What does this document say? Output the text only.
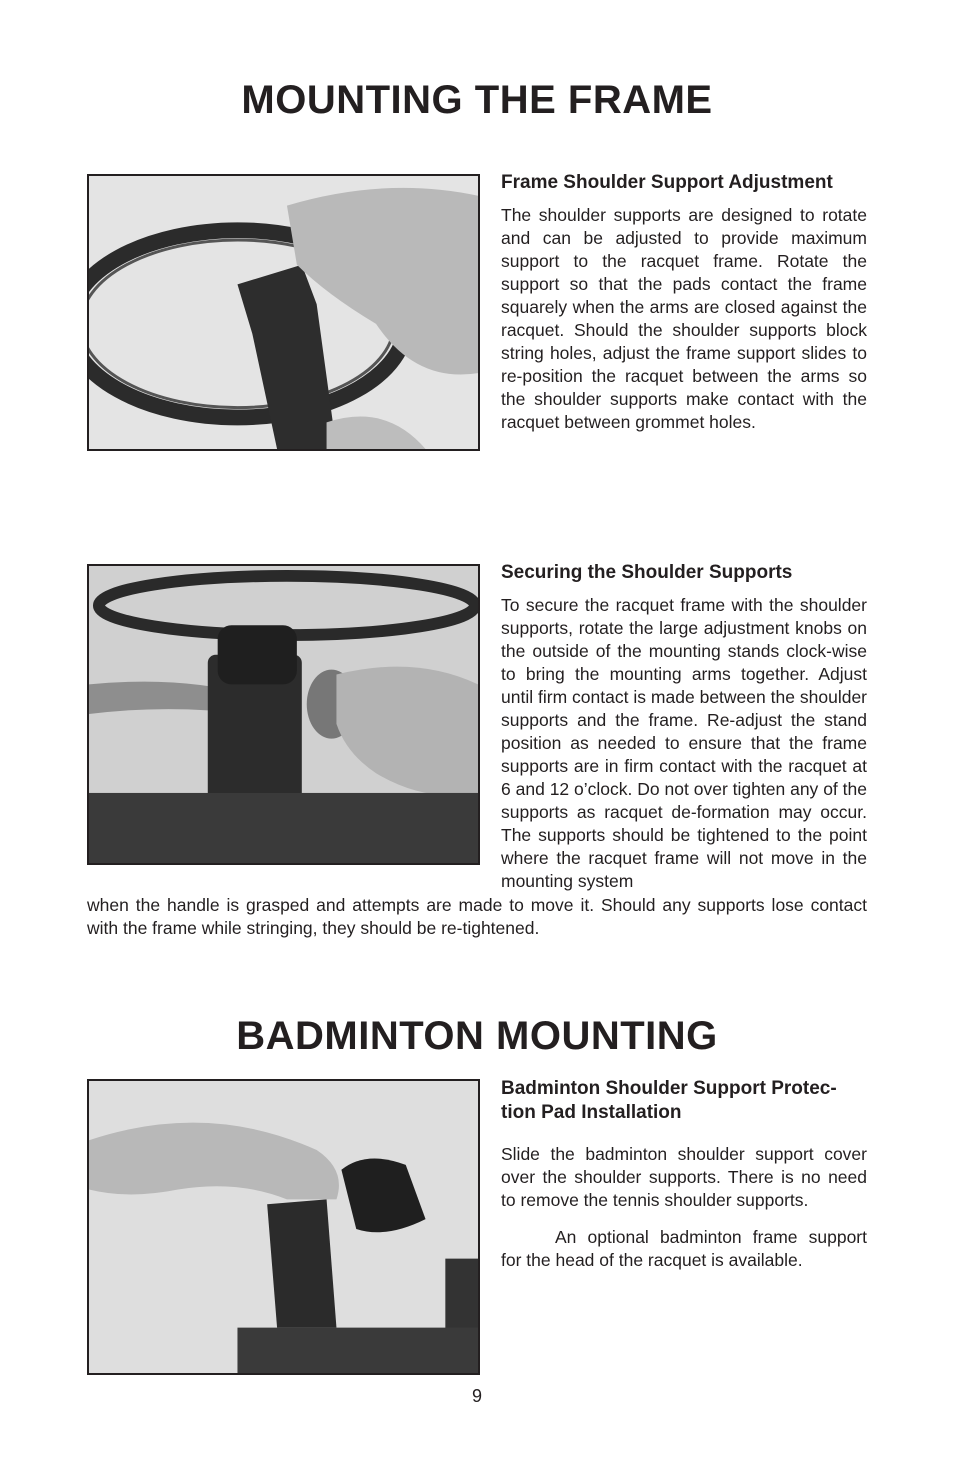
MOUNTING THE FRAME
Frame Shoulder Support Adjustment

The shoulder supports are designed to rotate and can be adjusted to provide maximum support to the racquet frame. Rotate the support so that the pads contact the frame squarely when the arms are closed against the racquet. Should the shoulder supports block string holes, adjust the frame support slides to re-position the racquet between the arms so the shoulder supports make contact with the racquet between grommet holes.

Securing the Shoulder Supports

To secure the racquet frame with the shoulder supports, rotate the large adjustment knobs on the outside of the mounting stands clock-wise to bring the mounting arms together. Adjust until firm contact is made between the shoulder supports and the frame. Re-adjust the stand position as needed to ensure that the frame supports are in firm contact with the racquet at 6 and 12 o’clock. Do not over tighten any of the supports as racquet de-formation may occur. The supports should be tightened to the point where the racquet frame will not move in the mounting system

when the handle is grasped and attempts are made to move it. Should any supports lose contact with the frame while stringing, they should be re-tightened.

BADMINTON MOUNTING
Badminton Shoulder Support Protec-tion Pad Installation

Slide the badminton shoulder support cover over the shoulder supports. There is no need to remove the tennis shoulder supports.

An optional badminton frame support for the head of the racquet is available.

9
